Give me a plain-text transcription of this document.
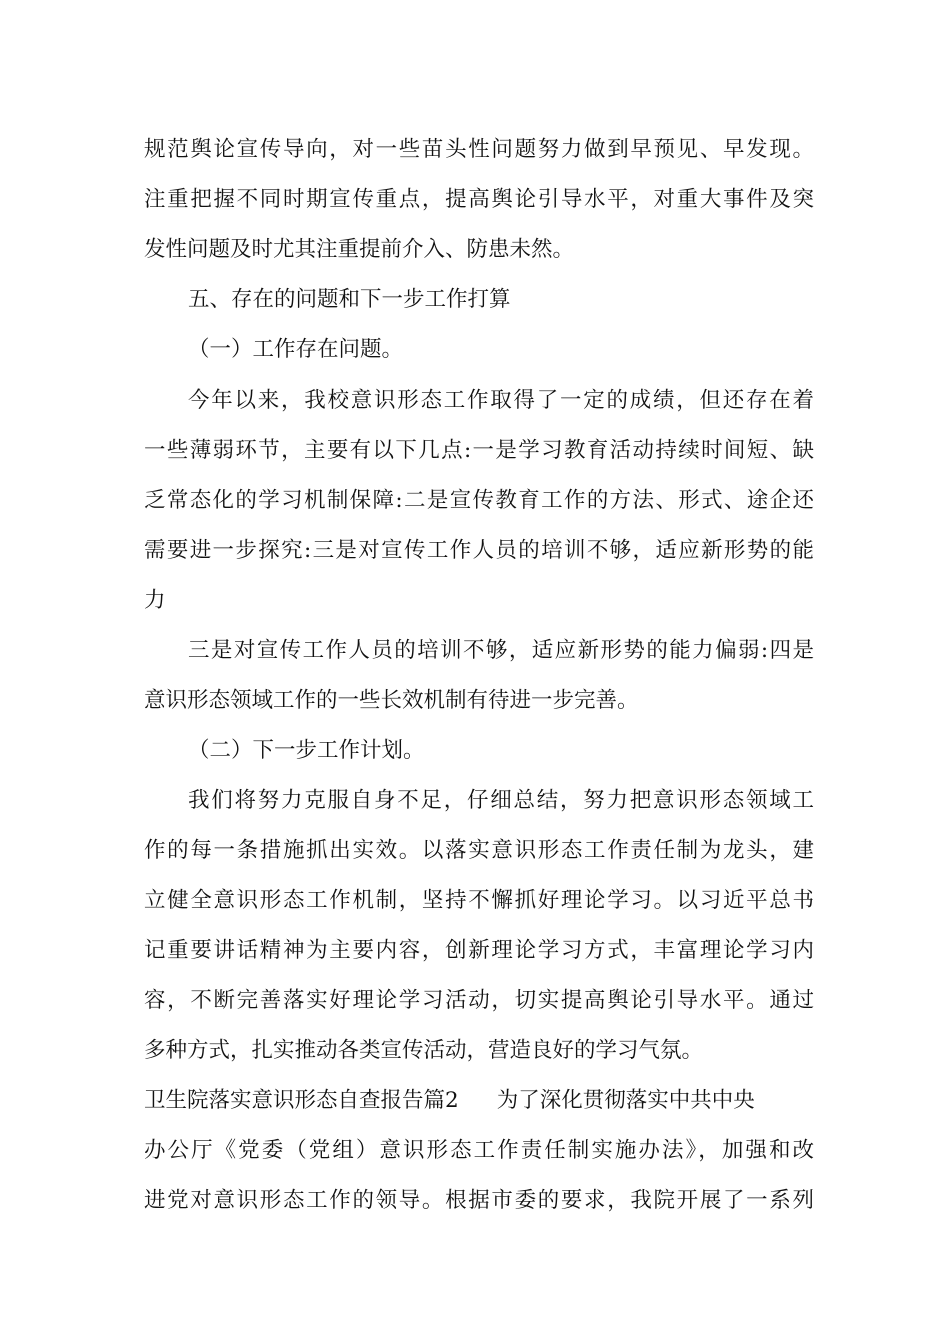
规范舆论宣传导向，对一些苗头性问题努力做到早预见、早发现。
注重把握不同时期宣传重点，提高舆论引导水平，对重大事件及突
发性问题及时尤其注重提前介入、防患未然。
五、存在的问题和下一步工作打算
（一）工作存在问题。
今年以来，我校意识形态工作取得了一定的成绩，但还存在着
一些薄弱环节，主要有以下几点:一是学习教育活动持续时间短、缺
乏常态化的学习机制保障:二是宣传教育工作的方法、形式、途企还
需要进一步探究:三是对宣传工作人员的培训不够，适应新形势的能
力
三是对宣传工作人员的培训不够，适应新形势的能力偏弱:四是
意识形态领域工作的一些长效机制有待进一步完善。
（二）下一步工作计划。
我们将努力克服自身不足，仔细总结，努力把意识形态领域工
作的每一条措施抓出实效。以落实意识形态工作责任制为龙头，建
立健全意识形态工作机制，坚持不懈抓好理论学习。以习近平总书
记重要讲话精神为主要内容，创新理论学习方式，丰富理论学习内
容，不断完善落实好理论学习活动，切实提高舆论引导水平。通过
多种方式，扎实推动各类宣传活动，营造良好的学习气氛。
卫生院落实意识形态自查报告篇2 为了深化贯彻落实中共中央
办公厅《党委（党组）意识形态工作责任制实施办法》，加强和改
进党对意识形态工作的领导。根据市委的要求，我院开展了一系列
